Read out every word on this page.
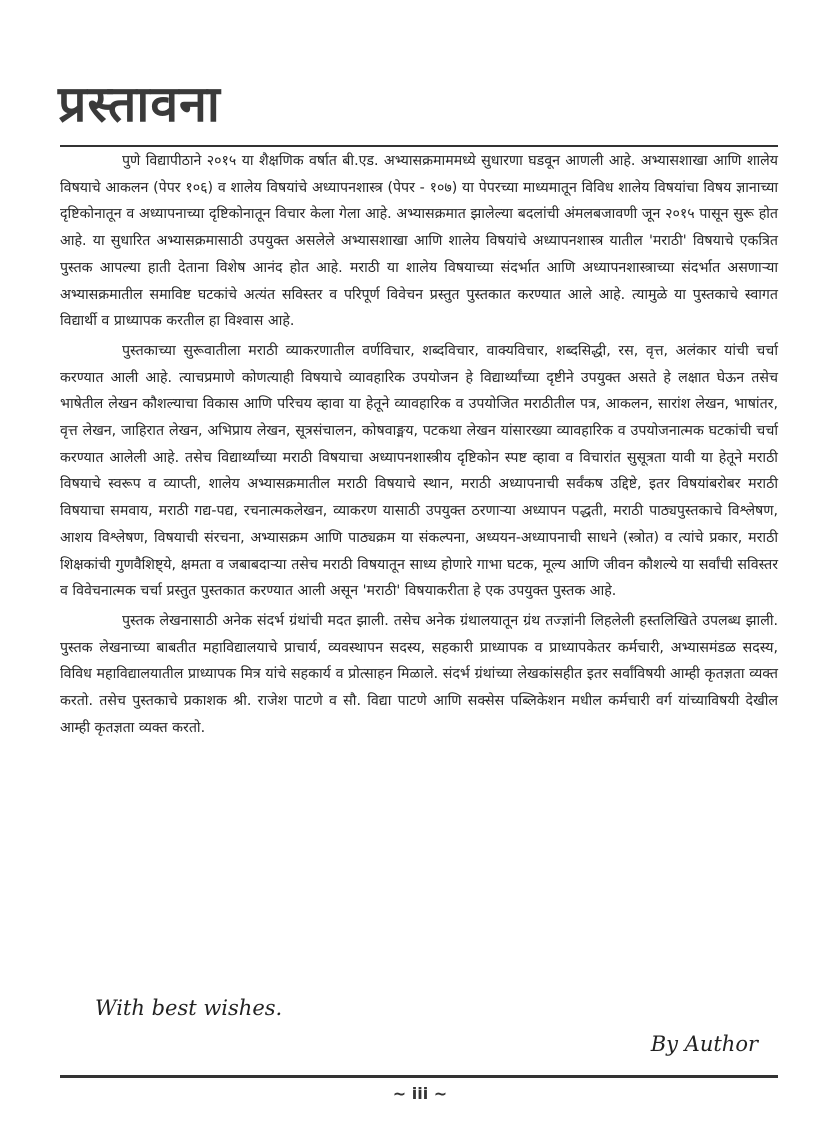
प्रस्तावना

पुणे विद्यापीठाने २०१५ या शैक्षणिक वर्षात बी.एड. अभ्यासक्रमाममध्ये सुधारणा घडवून आणली आहे. अभ्यासशाखा आणि शालेय विषयाचे आकलन (पेपर १०६) व शालेय विषयांचे अध्यापनशास्त्र (पेपर - १०७) या पेपरच्या माध्यमातून विविध शालेय विषयांचा विषय ज्ञानाच्या दृष्टिकोनातून व अध्यापनाच्या दृष्टिकोनातून विचार केला गेला आहे. अभ्यासक्रमात झालेल्या बदलांची अंमलबजावणी जून २०१५ पासून सुरू होत आहे. या सुधारित अभ्यासक्रमासाठी उपयुक्त असलेले अभ्यासशाखा आणि शालेय विषयांचे अध्यापनशास्त्र यातील 'मराठी' विषयाचे एकत्रित पुस्तक आपल्या हाती देताना विशेष आनंद होत आहे. मराठी या शालेय विषयाच्या संदर्भात आणि अध्यापनशास्त्राच्या संदर्भात असणाऱ्या अभ्यासक्रमातील समाविष्ट घटकांचे अत्यंत सविस्तर व परिपूर्ण विवेचन प्रस्तुत पुस्तकात करण्यात आले आहे. त्यामुळे या पुस्तकाचे स्वागत विद्यार्थी व प्राध्यापक करतील हा विश्वास आहे.

पुस्तकाच्या सुरूवातीला मराठी व्याकरणातील वर्णविचार, शब्दविचार, वाक्यविचार, शब्दसिद्धी, रस, वृत्त, अलंकार यांची चर्चा करण्यात आली आहे. त्याचप्रमाणे कोणत्याही विषयाचे व्यावहारिक उपयोजन हे विद्यार्थ्यांच्या दृष्टीने उपयुक्त असते हे लक्षात घेऊन तसेच भाषेतील लेखन कौशल्याचा विकास आणि परिचय व्हावा या हेतूने व्यावहारिक व उपयोजित मराठीतील पत्र, आकलन, सारांश लेखन, भाषांतर, वृत्त लेखन, जाहिरात लेखन, अभिप्राय लेखन, सूत्रसंचालन, कोषवाङ्मय, पटकथा लेखन यांसारख्या व्यावहारिक व उपयोजनात्मक घटकांची चर्चा करण्यात आलेली आहे. तसेच विद्यार्थ्यांच्या मराठी विषयाचा अध्यापनशास्त्रीय दृष्टिकोन स्पष्ट व्हावा व विचारांत सुसूत्रता यावी या हेतूने मराठी विषयाचे स्वरूप व व्याप्ती, शालेय अभ्यासक्रमातील मराठी विषयाचे स्थान, मराठी अध्यापनाची सर्वंकष उद्दिष्टे, इतर विषयांबरोबर मराठी विषयाचा समवाय, मराठी गद्य-पद्य, रचनात्मकलेखन, व्याकरण यासाठी उपयुक्त ठरणाऱ्या अध्यापन पद्धती, मराठी पाठ्यपुस्तकाचे विश्लेषण, आशय विश्लेषण, विषयाची संरचना, अभ्यासक्रम आणि पाठ्यक्रम या संकल्पना, अध्ययन-अध्यापनाची साधने (स्त्रोत) व त्यांचे प्रकार, मराठी शिक्षकांची गुणवैशिष्ट्ये, क्षमता व जबाबदाऱ्या तसेच मराठी विषयातून साध्य होणारे गाभा घटक, मूल्य आणि जीवन कौशल्ये या सर्वांची सविस्तर व विवेचनात्मक चर्चा प्रस्तुत पुस्तकात करण्यात आली असून 'मराठी' विषयाकरीता हे एक उपयुक्त पुस्तक आहे.

पुस्तक लेखनासाठी अनेक संदर्भ ग्रंथांची मदत झाली. तसेच अनेक ग्रंथालयातून ग्रंथ तज्ज्ञांनी लिहलेली हस्तलिखिते उपलब्ध झाली. पुस्तक लेखनाच्या बाबतीत महाविद्यालयाचे प्राचार्य, व्यवस्थापन सदस्य, सहकारी प्राध्यापक व प्राध्यापकेतर कर्मचारी, अभ्यासमंडळ सदस्य, विविध महाविद्यालयातील प्राध्यापक मित्र यांचे सहकार्य व प्रोत्साहन मिळाले. संदर्भ ग्रंथांच्या लेखकांसहीत इतर सर्वांविषयी आम्ही कृतज्ञता व्यक्त करतो. तसेच पुस्तकाचे प्रकाशक श्री. राजेश पाटणे व सौ. विद्या पाटणे आणि सक्सेस पब्लिकेशन मधील कर्मचारी वर्ग यांच्याविषयी देखील आम्ही कृतज्ञता व्यक्त करतो.

With best wishes.
By Author
~ iii ~
